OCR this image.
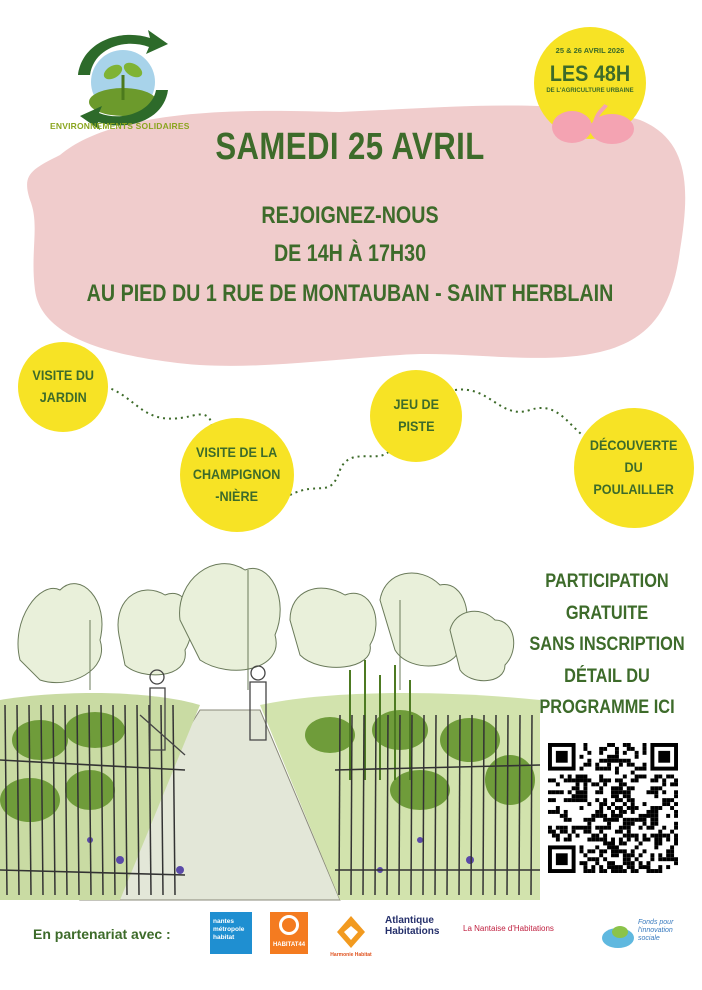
ENVIRONNEMENTS SOLIDAIRES
25 & 26 AVRIL 2026
LES 48H
DE L'AGRICULTURE URBAINE
SAMEDI 25 AVRIL
REJOIGNEZ-NOUS
DE 14H À 17H30
AU PIED DU 1 RUE DE MONTAUBAN - SAINT HERBLAIN
VISITE DU
JARDIN
VISITE DE LA
CHAMPIGNON
-NIÈRE
JEU DE
PISTE
DÉCOUVERTE
DU
POULAILLER
PARTICIPATION
GRATUITE
SANS INSCRIPTION
DÉTAIL DU
PROGRAMME ICI
En partenariat avec :
nantes
métropole
habitat
HABITAT44
Harmonie Habitat
Atlantique
Habitations	La Nantaise d'Habitations
Fonds pour
l'innovation
sociale
